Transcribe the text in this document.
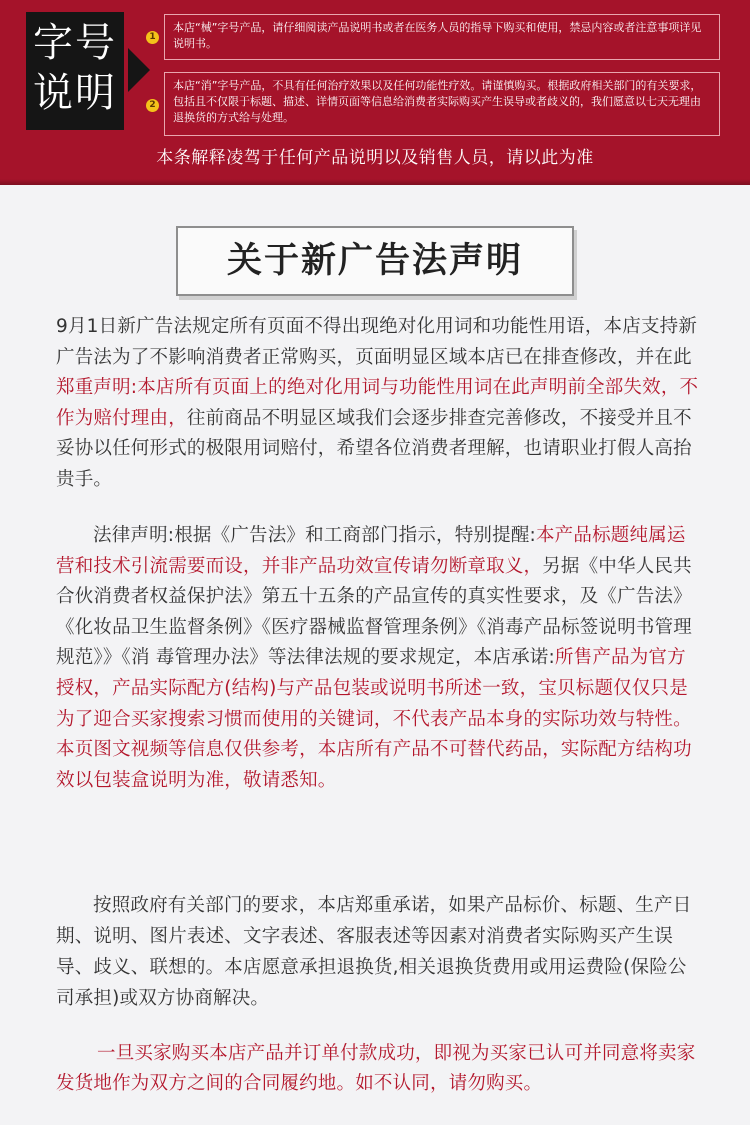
字号
说明
1
本店“械”字号产品，请仔细阅读产品说明书或者在医务人员的指导下购买和使用，禁忌内容或者注意事项详见说明书。
2
本店“消”字号产品，不具有任何治疗效果以及任何功能性疗效。请谨慎购买。根据政府相关部门的有关要求，包括且不仅限于标题、描述、详情页面等信息给消费者实际购买产生误导或者歧义的，我们愿意以七天无理由退换货的方式给与处理。
本条解释凌驾于任何产品说明以及销售人员，请以此为准
关于新广告法声明
9月1日新广告法规定所有页面不得出现绝对化用词和功能性用语，本店支持新广告法为了不影响消费者正常购买，页面明显区域本店已在排查修改，并在此郑重声明:本店所有页面上的绝对化用词与功能性用词在此声明前全部失效，不作为赔付理由，往前商品不明显区域我们会逐步排查完善修改，不接受并且不妥协以任何形式的极限用词赔付，希望各位消费者理解，也请职业打假人高抬贵手。
法律声明:根据《广告法》和工商部门指示，特别提醒:本产品标题纯属运营和技术引流需要而设，并非产品功效宣传请勿断章取义，另据《中华人民共合伙消费者权益保护法》第五十五条的产品宣传的真实性要求，及《广告法》《化妆品卫生监督条例》《医疗器械监督管理条例》《消毒产品标签说明书管理规范》》《消 毒管理办法》等法律法规的要求规定，本店承诺:所售产品为官方授权，产品实际配方(结构)与产品包装或说明书所述一致，宝贝标题仅仅只是为了迎合买家搜索习惯而使用的关键词，不代表产品本身的实际功效与特性。本页图文视频等信息仅供参考，本店所有产品不可替代药品，实际配方结构功效以包装盒说明为准，敬请悉知。
按照政府有关部门的要求，本店郑重承诺，如果产品标价、标题、生产日期、说明、图片表述、文字表述、客服表述等因素对消费者实际购买产生误导、歧义、联想的。本店愿意承担退换货,相关退换货费用或用运费险(保险公司承担)或双方协商解决。
一旦买家购买本店产品并订单付款成功，即视为买家已认可并同意将卖家发货地作为双方之间的合同履约地。如不认同，请勿购买。
